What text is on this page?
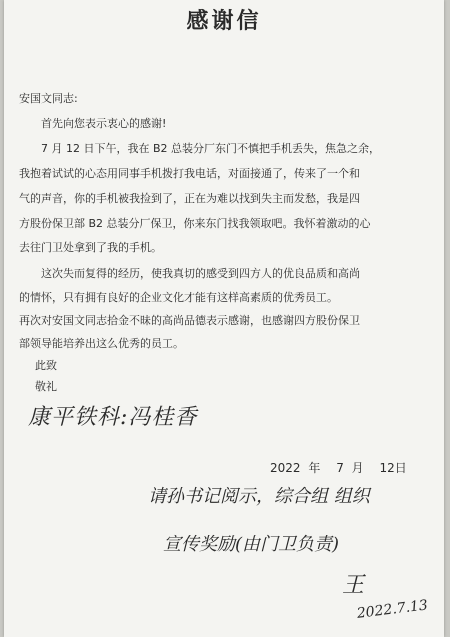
感谢信
安国文同志:
首先向您表示衷心的感谢!
7 月 12 日下午，我在 B2 总装分厂东门不慎把手机丢失，焦急之余，
我抱着试试的心态用同事手机拨打我电话，对面接通了，传来了一个和
气的声音，你的手机被我捡到了，正在为难以找到失主而发愁，我是四
方股份保卫部 B2 总装分厂保卫，你来东门找我领取吧。我怀着激动的心
去往门卫处拿到了我的手机。
这次失而复得的经历，使我真切的感受到四方人的优良品质和高尚
的情怀，只有拥有良好的企业文化才能有这样高素质的优秀员工。
再次对安国文同志拾金不昧的高尚品德表示感谢，也感谢四方股份保卫
部领导能培养出这么优秀的员工。
此致
敬礼
康平铁科:冯桂香
2022 年 7 月 12日
请孙书记阅示，综合组 组织
宣传奖励(由门卫负责)
王
2022.7.13
